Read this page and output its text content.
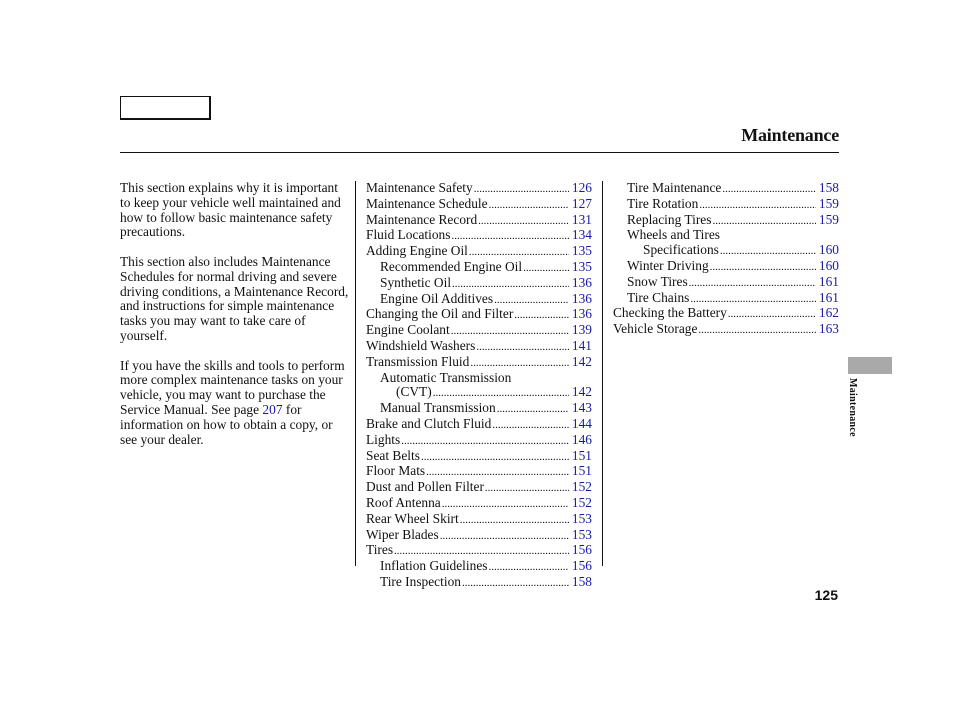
Maintenance

This section explains why it is important to keep your vehicle well maintained and how to follow basic maintenance safety precautions.

This section also includes Maintenance Schedules for normal driving and severe driving conditions, a Maintenance Record, and instructions for simple maintenance tasks you may want to take care of yourself.

If you have the skills and tools to perform more complex maintenance tasks on your vehicle, you may want to purchase the Service Manual. See page 207 for information on how to obtain a copy, or see your dealer.

Maintenance Safety .....	126
Maintenance Schedule .....	127
Maintenance Record .....	131
Fluid Locations .....	134
Adding Engine Oil .....	135
Recommended Engine Oil .....	135
Synthetic Oil .....	136
Engine Oil Additives .....	136
Changing the Oil and Filter .....	136
Engine Coolant .....	139
Windshield Washers .....	141
Transmission Fluid .....	142
Automatic Transmission
(CVT) .....	142
Manual Transmission .....	143
Brake and Clutch Fluid .....	144
Lights .....	146
Seat Belts .....	151
Floor Mats .....	151
Dust and Pollen Filter .....	152
Roof Antenna .....	152
Rear Wheel Skirt .....	153
Wiper Blades .....	153
Tires .....	156
Inflation Guidelines .....	156
Tire Inspection .....	158
Tire Maintenance .....	158
Tire Rotation .....	159
Replacing Tires .....	159
Wheels and Tires
Specifications .....	160
Winter Driving .....	160
Snow Tires .....	161
Tire Chains .....	161
Checking the Battery .....	162
Vehicle Storage .....	163
Maintenance
125
